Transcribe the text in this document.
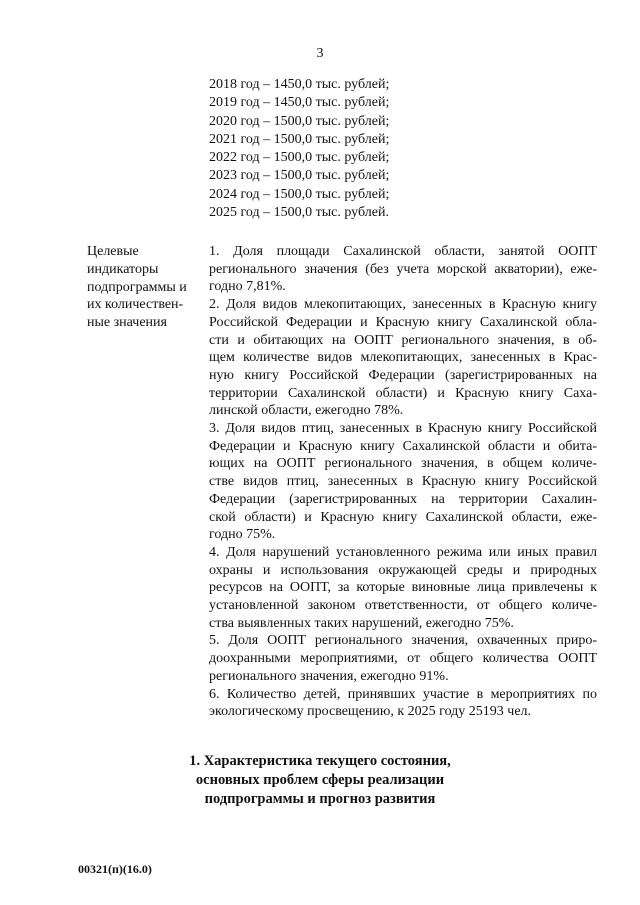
3
2018 год – 1450,0 тыс. рублей;
2019 год – 1450,0 тыс. рублей;
2020 год – 1500,0 тыс. рублей;
2021 год – 1500,0 тыс. рублей;
2022 год – 1500,0 тыс. рублей;
2023 год – 1500,0 тыс. рублей;
2024 год – 1500,0 тыс. рублей;
2025 год – 1500,0 тыс. рублей.
Целевые
индикаторы
подпрограммы и
их количествен-
ные значения
1. Доля площади Сахалинской области, занятой ООПТ
регионального значения (без учета морской акватории), еже-
годно 7,81%.
2. Доля видов млекопитающих, занесенных в Красную книгу
Российской Федерации и Красную книгу Сахалинской обла-
сти и обитающих на ООПТ регионального значения, в об-
щем количестве видов млекопитающих, занесенных в Крас-
ную книгу Российской Федерации (зарегистрированных на
территории Сахалинской области) и Красную книгу Саха-
линской области, ежегодно 78%.
3. Доля видов птиц, занесенных в Красную книгу Российской
Федерации и Красную книгу Сахалинской области и обита-
ющих на ООПТ регионального значения, в общем количе-
стве видов птиц, занесенных в Красную книгу Российской
Федерации (зарегистрированных на территории Сахалин-
ской области) и Красную книгу Сахалинской области, еже-
годно 75%.
4. Доля нарушений установленного режима или иных правил
охраны и использования окружающей среды и природных
ресурсов на ООПТ, за которые виновные лица привлечены к
установленной законом ответственности, от общего количе-
ства выявленных таких нарушений, ежегодно 75%.
5. Доля ООПТ регионального значения, охваченных приро-
доохранными мероприятиями, от общего количества ООПТ
регионального значения, ежегодно 91%.
6. Количество детей, принявших участие в мероприятиях по
экологическому просвещению, к 2025 году 25193 чел.
1. Характеристика текущего состояния,
основных проблем сферы реализации
подпрограммы и прогноз развития
00321(п)(16.0)
